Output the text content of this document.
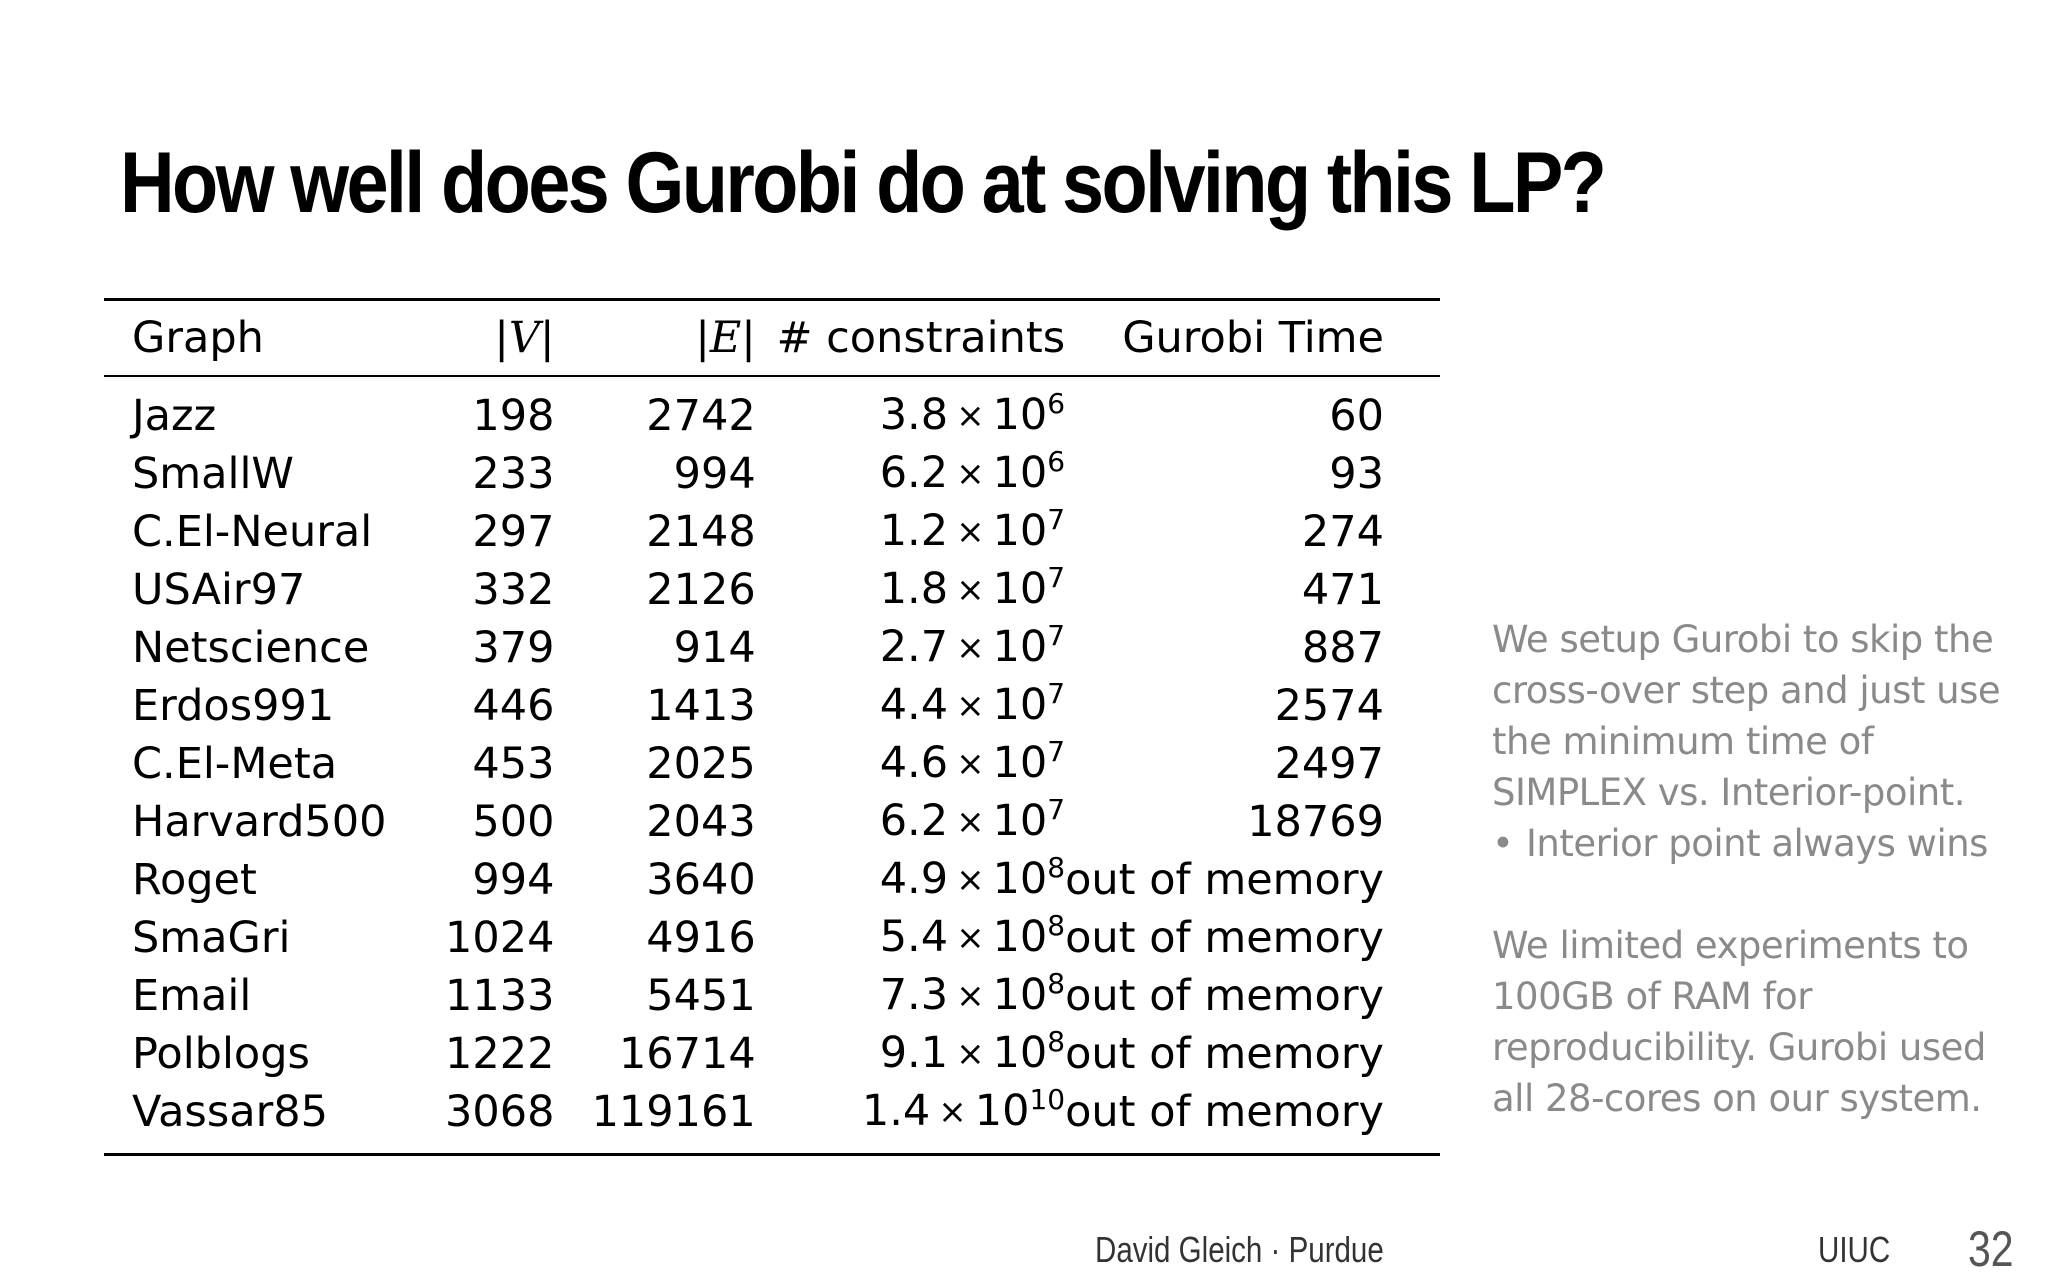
How well does Gurobi do at solving this LP?
Graph	|V|	|E|	# constraints	Gurobi Time
Jazz	198	2742	$3.8 \times 10^6$	60
SmallW	233	994	$6.2 \times 10^6$	93
C.El-Neural	297	2148	$1.2 \times 10^7$	274
USAir97	332	2126	$1.8 \times 10^7$	471
Netscience	379	914	$2.7 \times 10^7$	887
Erdos991	446	1413	$4.4 \times 10^7$	2574
C.El-Meta	453	2025	$4.6 \times 10^7$	2497
Harvard500	500	2043	$6.2 \times 10^7$	18769
Roget	994	3640	$4.9 \times 10^8$	out of memory
SmaGri	1024	4916	$5.4 \times 10^8$	out of memory
Email	1133	5451	$7.3 \times 10^8$	out of memory
Polblogs	1222	16714	$9.1 \times 10^8$	out of memory
Vassar85	3068	119161	$1.4 \times 10^{10}$	out of memory

We setup Gurobi to skip the cross-over step and just use the minimum time of SIMPLEX vs. Interior-point.

• Interior point always wins

We limited experiments to 100GB of RAM for reproducibility. Gurobi used all 28-cores on our system.

David Gleich · Purdue	UIUC 32
